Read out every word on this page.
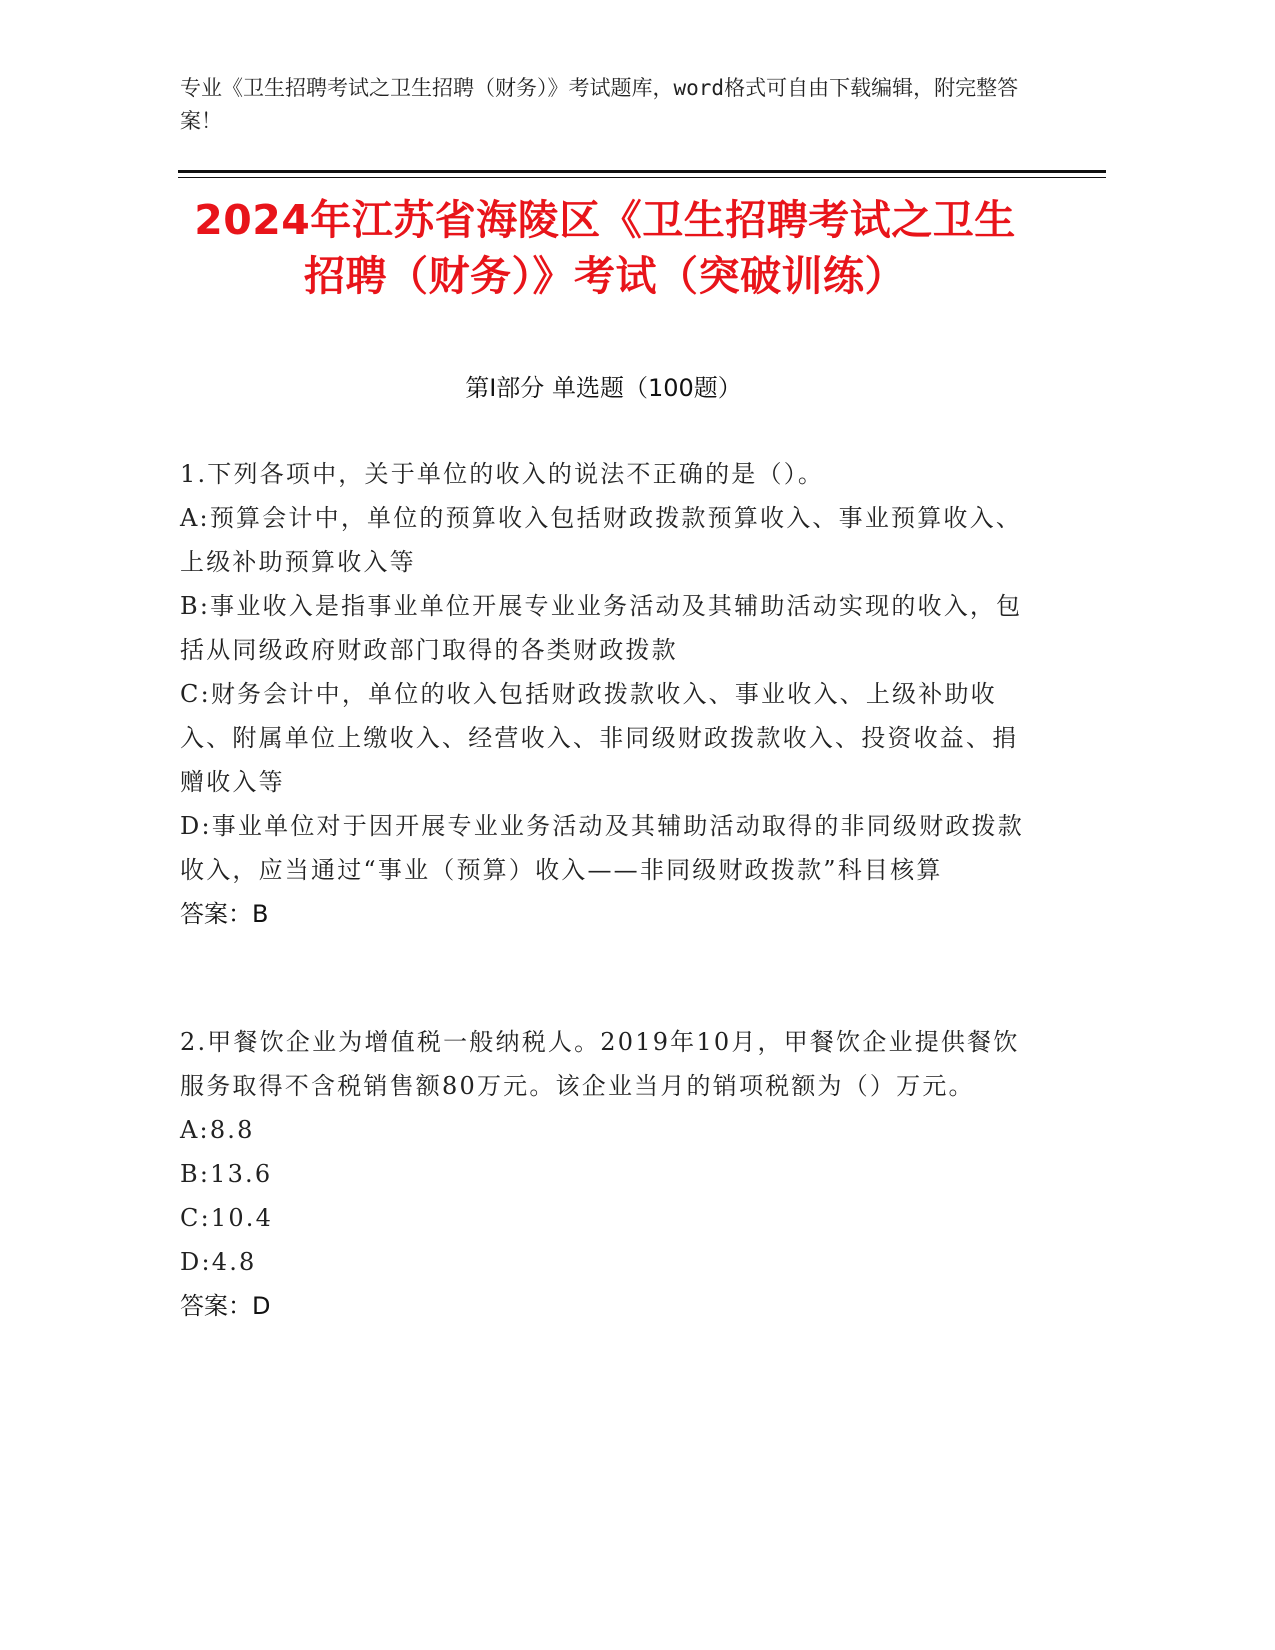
专业《卫生招聘考试之卫生招聘（财务）》考试题库，word格式可自由下载编辑，附完整答案！
2024年江苏省海陵区《卫生招聘考试之卫生
招聘（财务）》考试（突破训练）
第I部分 单选题（100题）

1.下列各项中，关于单位的收入的说法不正确的是（）。

A:预算会计中，单位的预算收入包括财政拨款预算收入、事业预算收入、上级补助预算收入等

B:事业收入是指事业单位开展专业业务活动及其辅助活动实现的收入，包括从同级政府财政部门取得的各类财政拨款

C:财务会计中，单位的收入包括财政拨款收入、事业收入、上级补助收入、附属单位上缴收入、经营收入、非同级财政拨款收入、投资收益、捐赠收入等

D:事业单位对于因开展专业业务活动及其辅助活动取得的非同级财政拨款收入，应当通过“事业（预算）收入——非同级财政拨款”科目核算

答案：B

2.甲餐饮企业为增值税一般纳税人。2019年10月，甲餐饮企业提供餐饮服务取得不含税销售额80万元。该企业当月的销项税额为（）万元。

A:8.8

B:13.6

C:10.4

D:4.8

答案：D
